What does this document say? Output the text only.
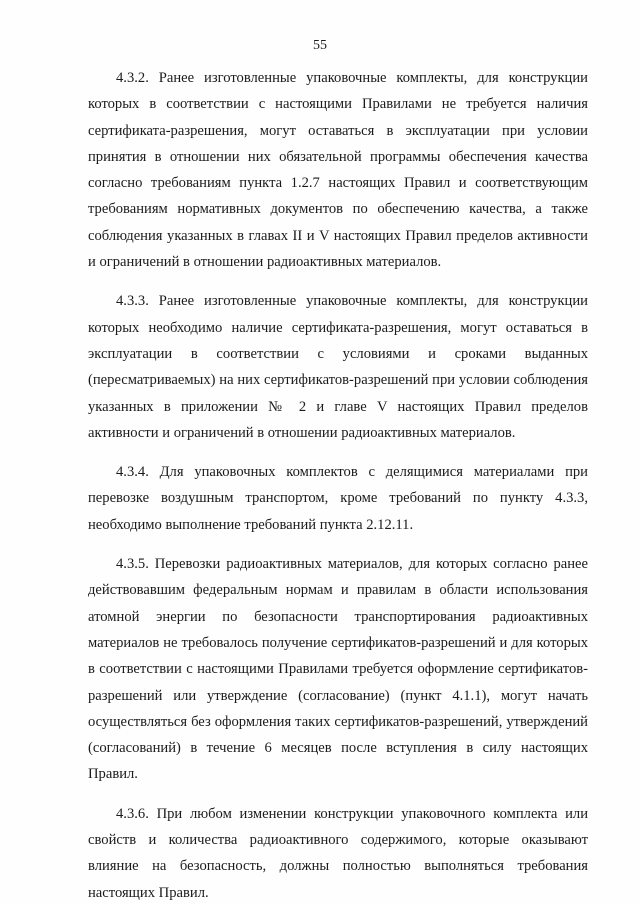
55

4.3.2. Ранее изготовленные упаковочные комплекты, для конструкции которых в соответствии с настоящими Правилами не требуется наличия сертификата-разрешения, могут оставаться в эксплуатации при условии принятия в отношении них обязательной программы обеспечения качества согласно требованиям пункта 1.2.7 настоящих Правил и соответствующим требованиям нормативных документов по обеспечению качества, а также соблюдения указанных в главах II и V настоящих Правил пределов активности и ограничений в отношении радиоактивных материалов.

4.3.3. Ранее изготовленные упаковочные комплекты, для конструкции которых необходимо наличие сертификата-разрешения, могут оставаться в эксплуатации в соответствии с условиями и сроками выданных (пересматриваемых) на них сертификатов-разрешений при условии соблюдения указанных в приложении № 2 и главе V настоящих Правил пределов активности и ограничений в отношении радиоактивных материалов.

4.3.4. Для упаковочных комплектов с делящимися материалами при перевозке воздушным транспортом, кроме требований по пункту 4.3.3, необходимо выполнение требований пункта 2.12.11.

4.3.5. Перевозки радиоактивных материалов, для которых согласно ранее действовавшим федеральным нормам и правилам в области использования атомной энергии по безопасности транспортирования радиоактивных материалов не требовалось получение сертификатов-разрешений и для которых в соответствии с настоящими Правилами требуется оформление сертификатов-разрешений или утверждение (согласование) (пункт 4.1.1), могут начать осуществляться без оформления таких сертификатов-разрешений, утверждений (согласований) в течение 6 месяцев после вступления в силу настоящих Правил.

4.3.6. При любом изменении конструкции упаковочного комплекта или свойств и количества радиоактивного содержимого, которые оказывают влияние на безопасность, должны полностью выполняться требования настоящих Правил.
